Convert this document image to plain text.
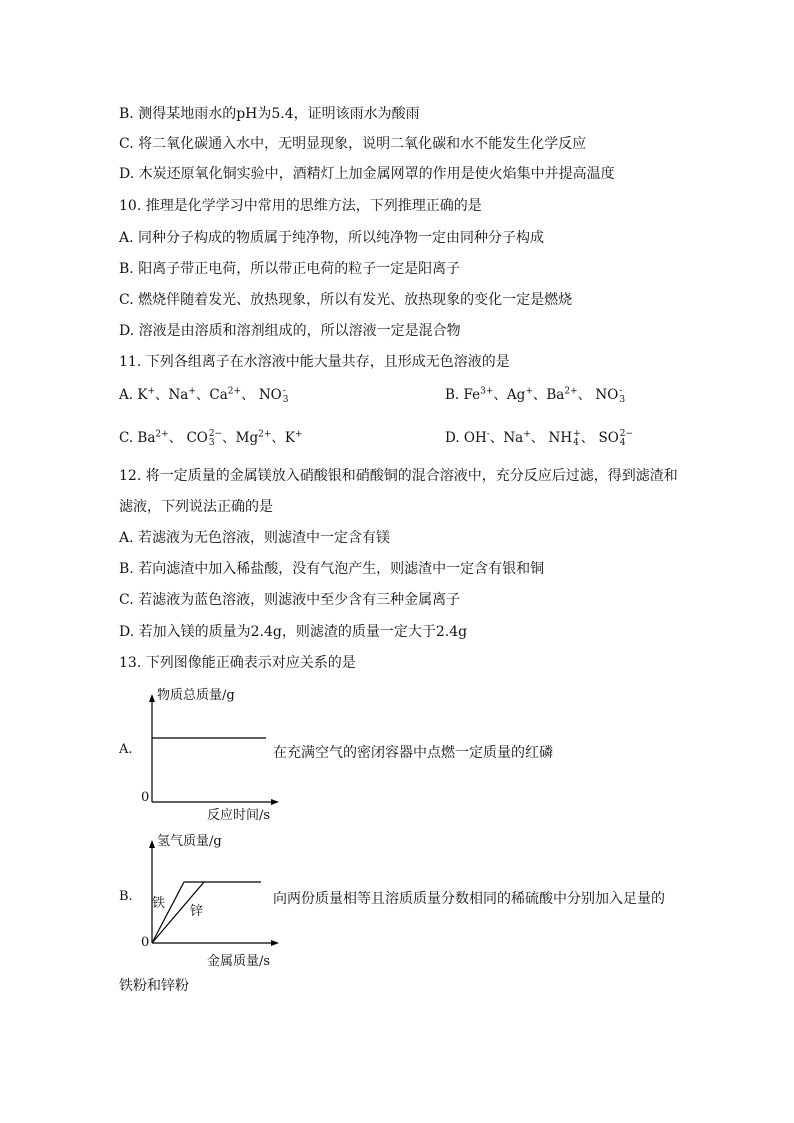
B. 测得某地雨水的pH为5.4，证明该雨水为酸雨
C. 将二氧化碳通入水中，无明显现象，说明二氧化碳和水不能发生化学反应
D. 木炭还原氧化铜实验中，酒精灯上加金属网罩的作用是使火焰集中并提高温度
10. 推理是化学学习中常用的思维方法，下列推理正确的是
A. 同种分子构成的物质属于纯净物，所以纯净物一定由同种分子构成
B. 阳离子带正电荷，所以带正电荷的粒子一定是阳离子
C. 燃烧伴随着发光、放热现象，所以有发光、放热现象的变化一定是燃烧
D. 溶液是由溶质和溶剂组成的，所以溶液一定是混合物
11. 下列各组离子在水溶液中能大量共存，且形成无色溶液的是
A. K+、Na+、$Ca^{2+}$、 NO -
3	B. $Fe^{3+}$、Ag+、$Ba^{2+}$、 NO -
3
C. $Ba^{2+}$、 CO 2−
3 、$Mg^{2+}$、K+	D. OH-、Na+、 NH +
4 、 SO 2−
4
12. 将一定质量的金属镁放入硝酸银和硝酸铜的混合溶液中，充分反应后过滤，得到滤渣和
滤液，下列说法正确的是
A. 若滤液为无色溶液，则滤渣中一定含有镁
B. 若向滤渣中加入稀盐酸，没有气泡产生，则滤渣中一定含有银和铜
C. 若滤液为蓝色溶液，则滤液中至少含有三种金属离子
D. 若加入镁的质量为2.4g，则滤渣的质量一定大于2.4g
13. 下列图像能正确表示对应关系的是
A.
物质总质量/g
0
反应时间/s
在充满空气的密闭容器中点燃一定质量的红磷
B.
氢气质量/g
0
金属质量/s
铁
锌
向两份质量相等且溶质质量分数相同的稀硫酸中分别加入足量的
铁粉和锌粉
